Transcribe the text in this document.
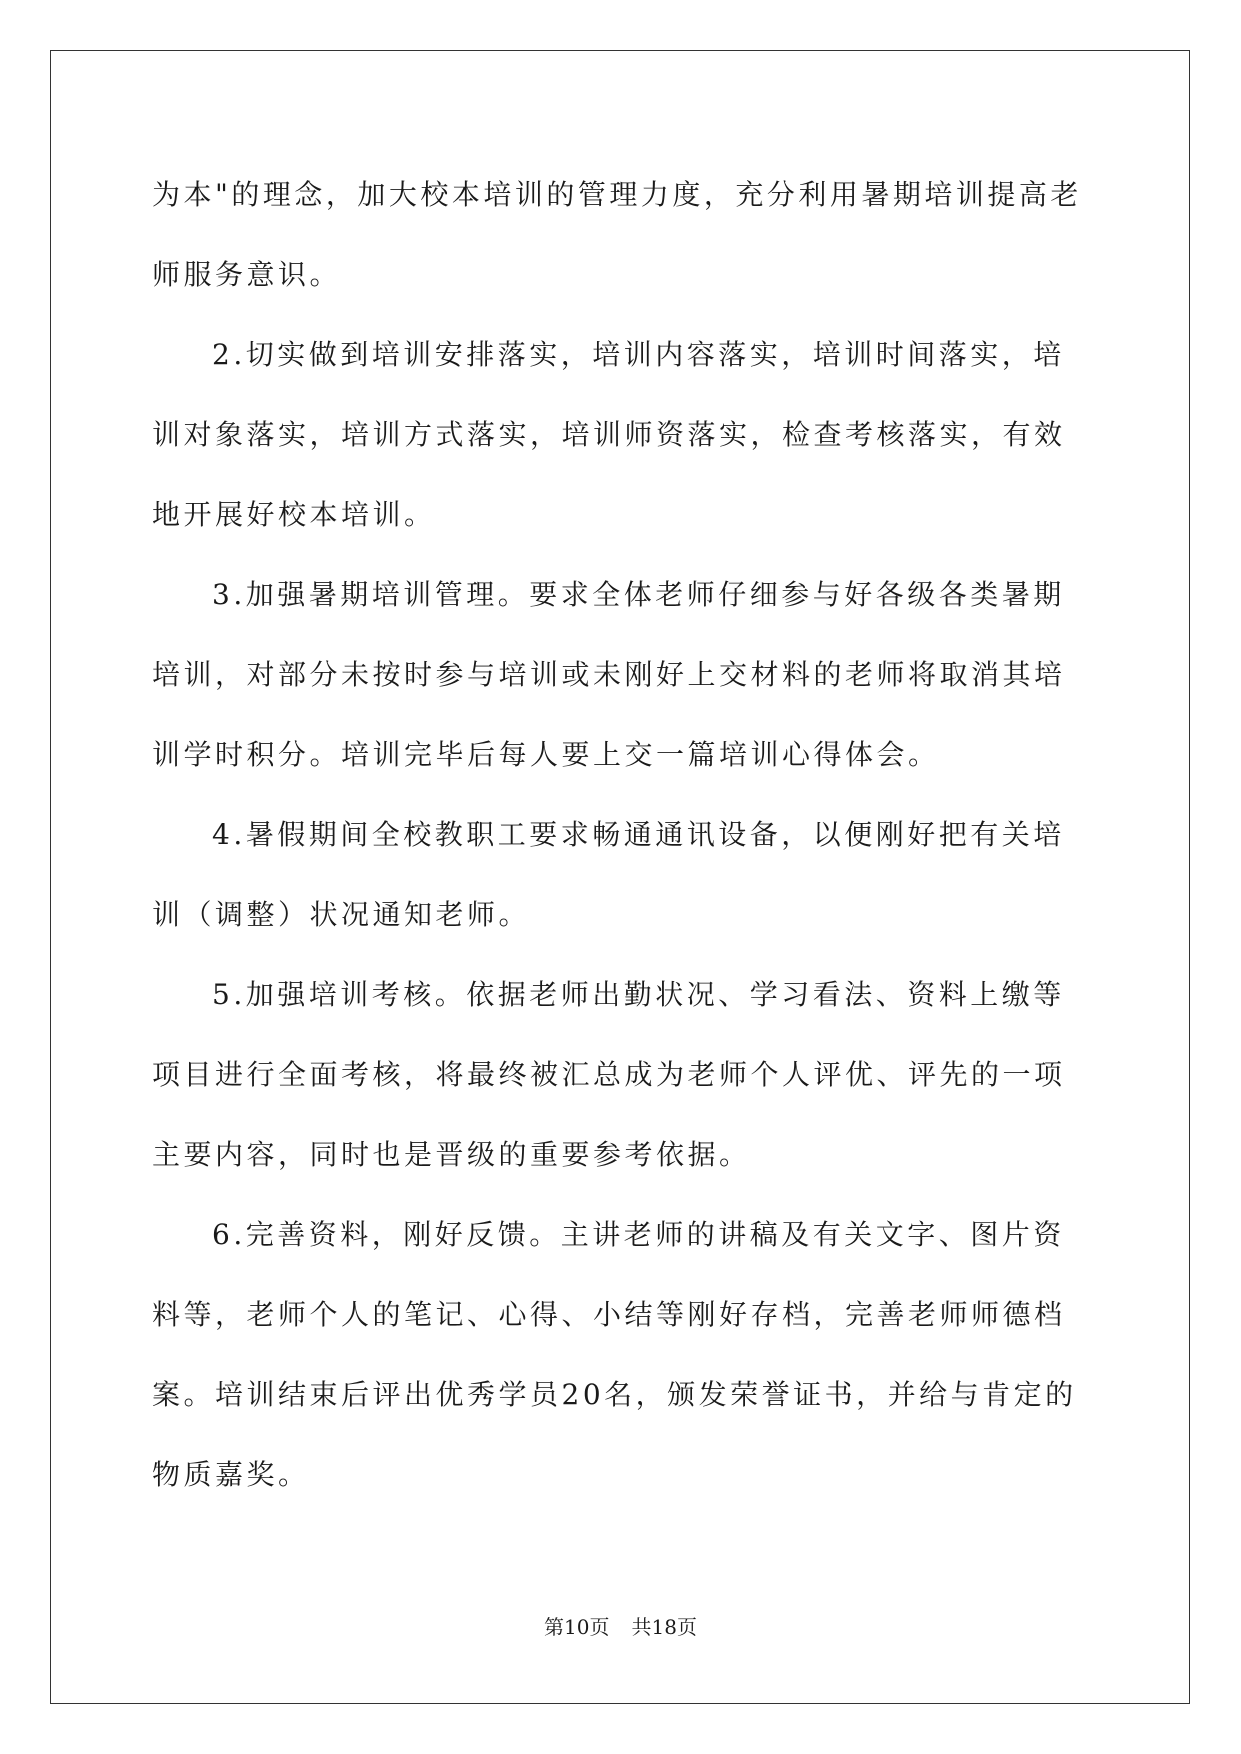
为本"的理念，加大校本培训的管理力度，充分利用暑期培训提高老师服务意识。

2.切实做到培训安排落实，培训内容落实，培训时间落实，培训对象落实，培训方式落实，培训师资落实，检查考核落实，有效地开展好校本培训。

3.加强暑期培训管理。要求全体老师仔细参与好各级各类暑期培训，对部分未按时参与培训或未刚好上交材料的老师将取消其培训学时积分。培训完毕后每人要上交一篇培训心得体会。

4.暑假期间全校教职工要求畅通通讯设备，以便刚好把有关培训（调整）状况通知老师。

5.加强培训考核。依据老师出勤状况、学习看法、资料上缴等项目进行全面考核，将最终被汇总成为老师个人评优、评先的一项主要内容，同时也是晋级的重要参考依据。

6.完善资料，刚好反馈。主讲老师的讲稿及有关文字、图片资料等，老师个人的笔记、心得、小结等刚好存档，完善老师师德档案。培训结束后评出优秀学员20名，颁发荣誉证书，并给与肯定的物质嘉奖。

第10页 共18页
